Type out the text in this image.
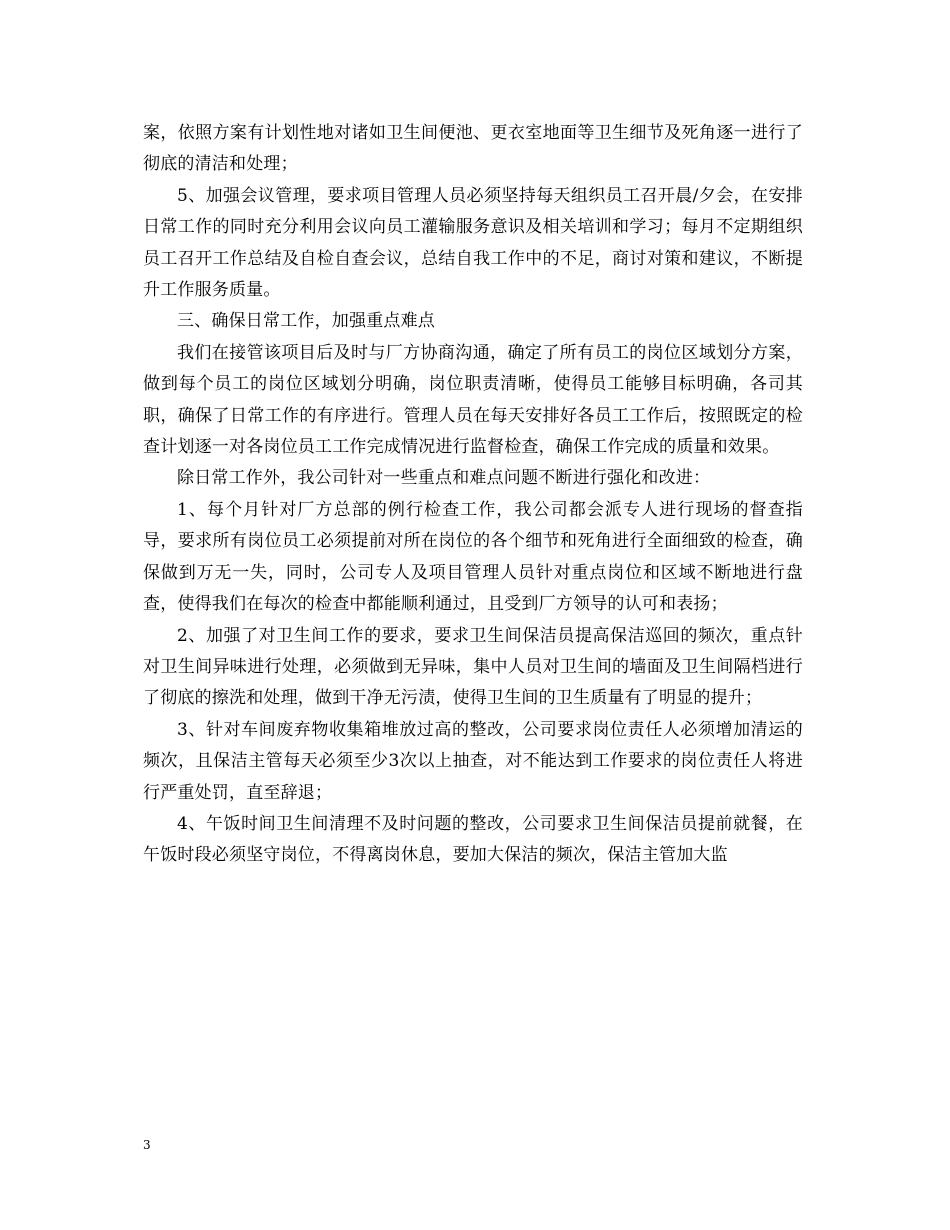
案，依照方案有计划性地对诸如卫生间便池、更衣室地面等卫生细节及死角逐一进行了彻底的清洁和处理；

5、加强会议管理，要求项目管理人员必须坚持每天组织员工召开晨/夕会，在安排日常工作的同时充分利用会议向员工灌输服务意识及相关培训和学习；每月不定期组织员工召开工作总结及自检自查会议，总结自我工作中的不足，商讨对策和建议，不断提升工作服务质量。

三、确保日常工作，加强重点难点

我们在接管该项目后及时与厂方协商沟通，确定了所有员工的岗位区域划分方案，做到每个员工的岗位区域划分明确，岗位职责清晰，使得员工能够目标明确，各司其职，确保了日常工作的有序进行。管理人员在每天安排好各员工工作后，按照既定的检查计划逐一对各岗位员工工作完成情况进行监督检查，确保工作完成的质量和效果。

除日常工作外，我公司针对一些重点和难点问题不断进行强化和改进：

1、每个月针对厂方总部的例行检查工作，我公司都会派专人进行现场的督查指导，要求所有岗位员工必须提前对所在岗位的各个细节和死角进行全面细致的检查，确保做到万无一失，同时，公司专人及项目管理人员针对重点岗位和区域不断地进行盘查，使得我们在每次的检查中都能顺利通过，且受到厂方领导的认可和表扬；

2、加强了对卫生间工作的要求，要求卫生间保洁员提高保洁巡回的频次，重点针对卫生间异味进行处理，必须做到无异味，集中人员对卫生间的墙面及卫生间隔档进行了彻底的擦洗和处理，做到干净无污渍，使得卫生间的卫生质量有了明显的提升；

3、针对车间废弃物收集箱堆放过高的整改，公司要求岗位责任人必须增加清运的频次，且保洁主管每天必须至少3次以上抽查，对不能达到工作要求的岗位责任人将进行严重处罚，直至辞退；

4、午饭时间卫生间清理不及时问题的整改，公司要求卫生间保洁员提前就餐，在午饭时段必须坚守岗位，不得离岗休息，要加大保洁的频次，保洁主管加大监

3
